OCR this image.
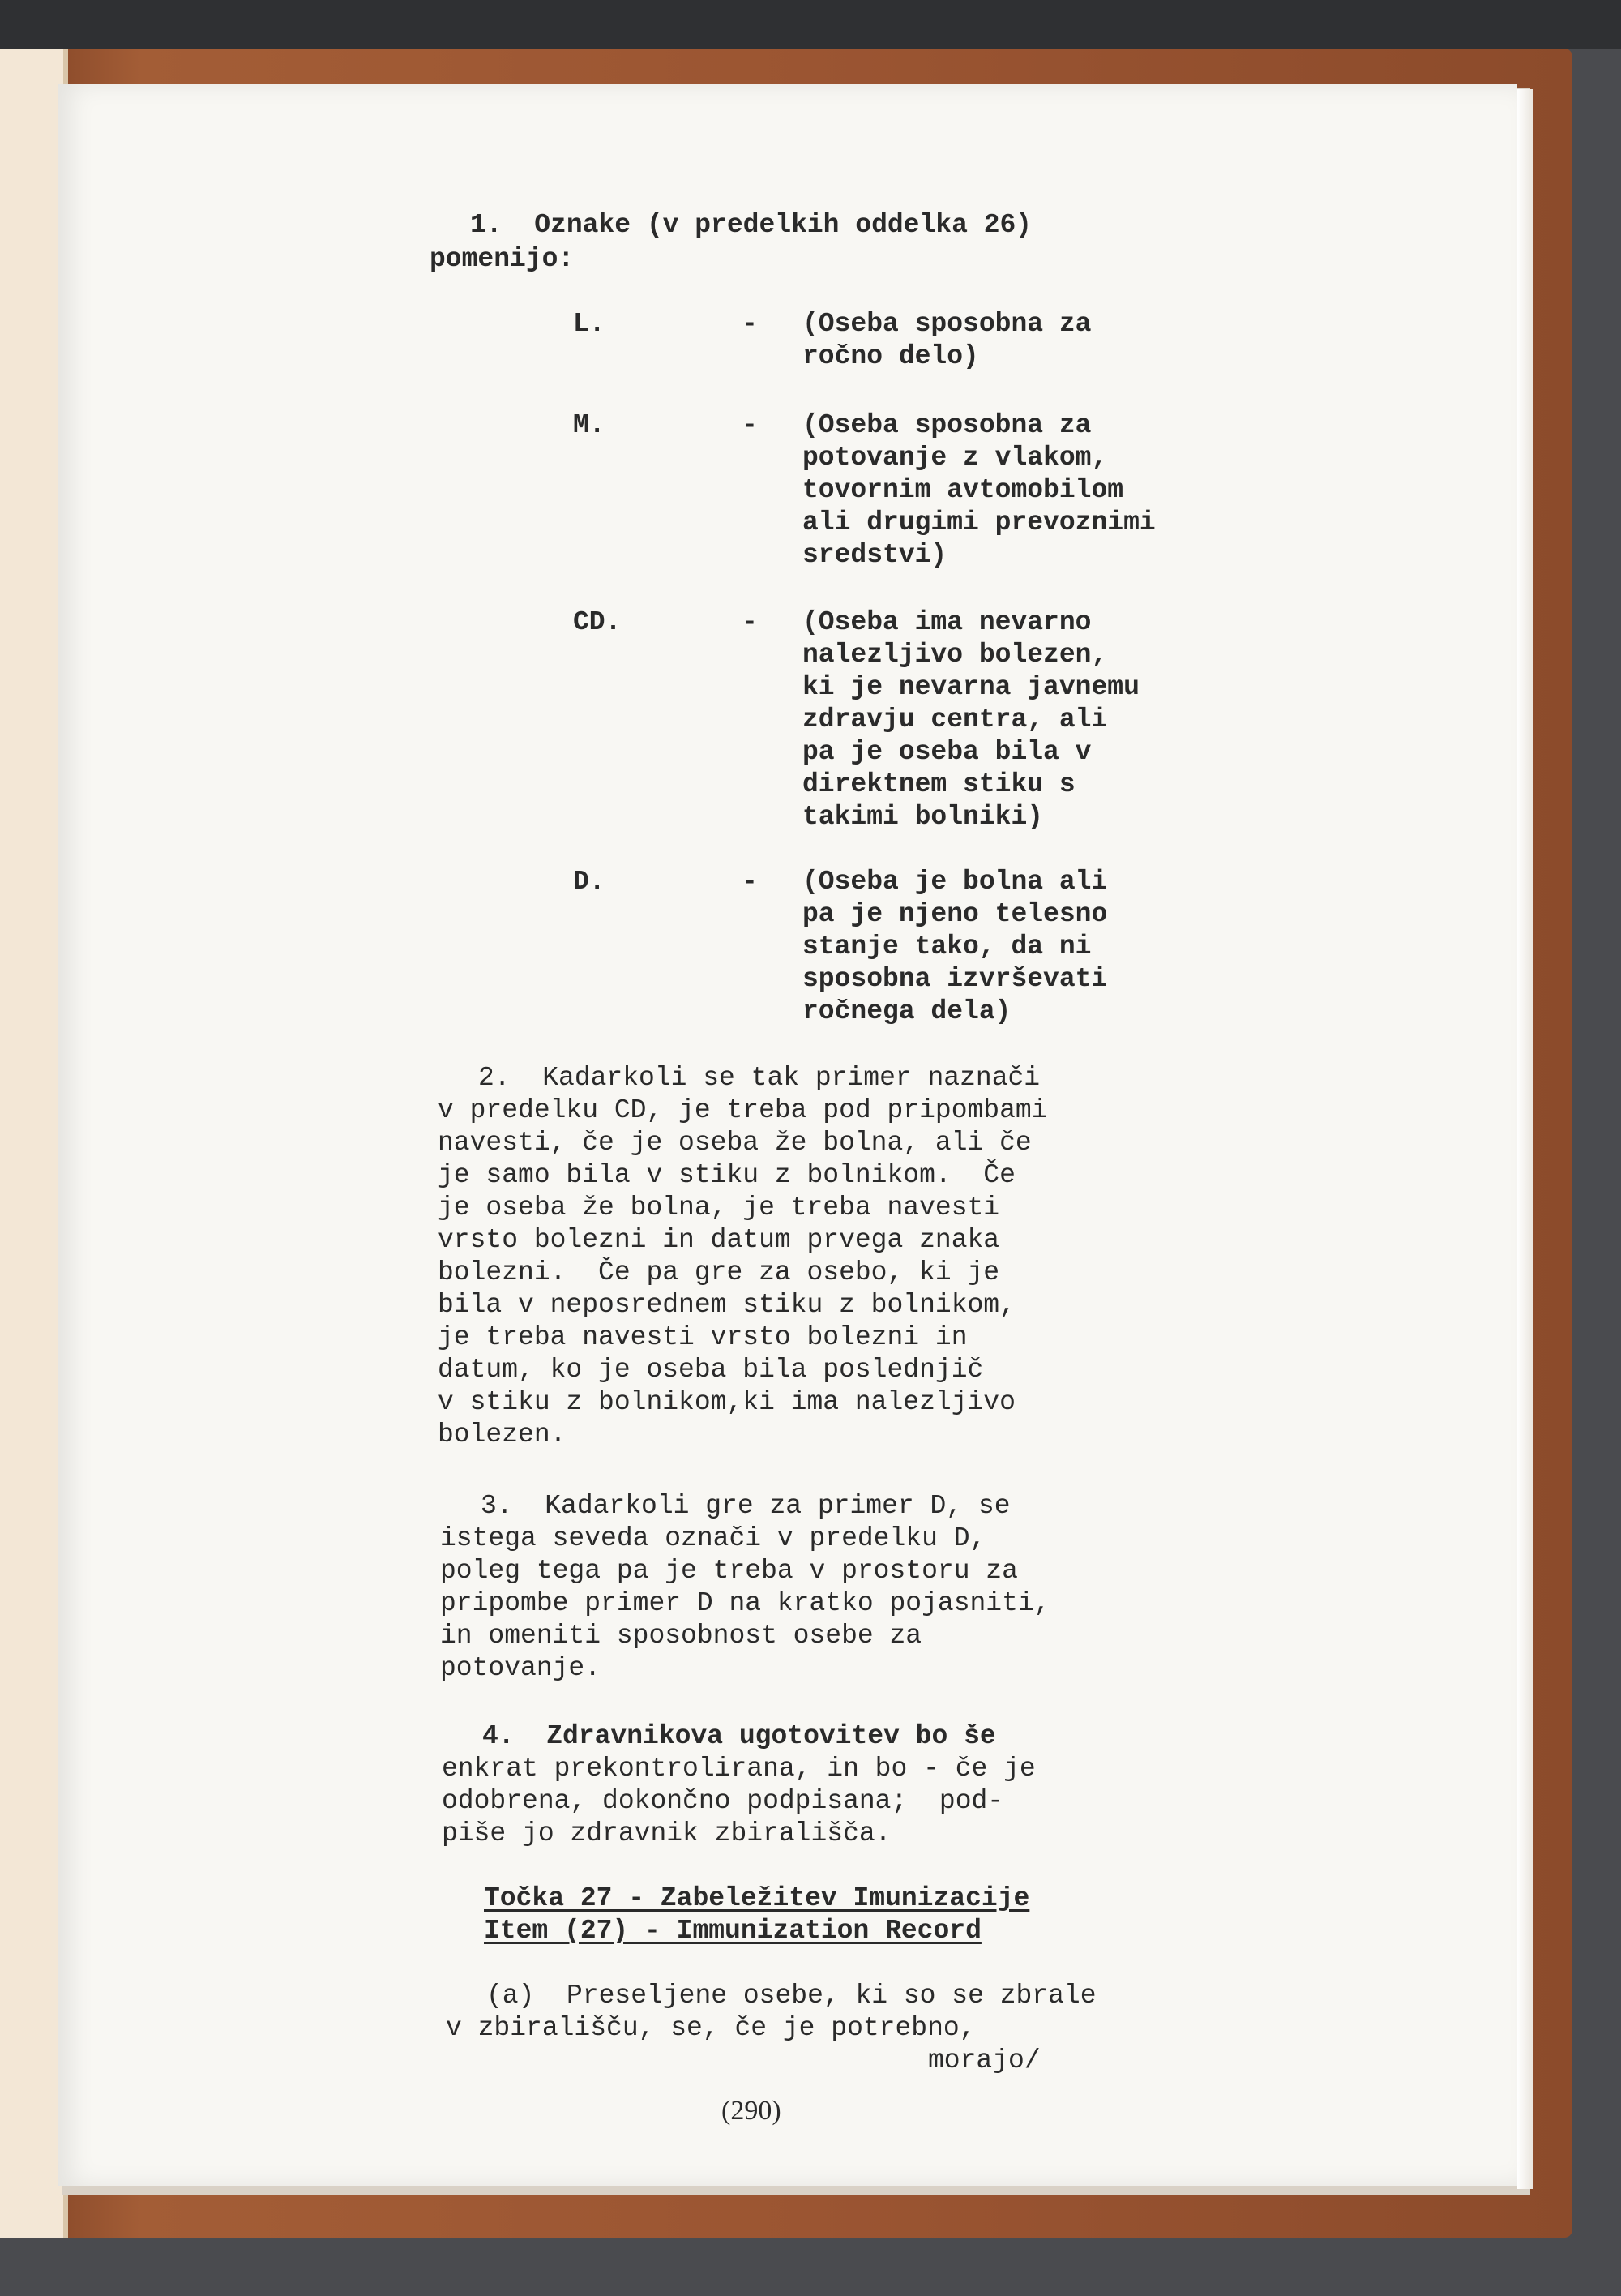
1.  Oznake (v predelkih oddelka 26)
pomenijo:
L.	- (Oseba sposobna za
ročno delo)
M.	- (Oseba sposobna za
potovanje z vlakom,
tovornim avtomobilom
ali drugimi prevoznimi
sredstvi)
CD.	- (Oseba ima nevarno
nalezljivo bolezen,
ki je nevarna javnemu
zdravju centra, ali
pa je oseba bila v
direktnem stiku s
takimi bolniki)
D.	- (Oseba je bolna ali
pa je njeno telesno
stanje tako, da ni
sposobna izvrševati
ročnega dela)
2.  Kadarkoli se tak primer naznači
v predelku CD, je treba pod pripombami
navesti, če je oseba že bolna, ali če
je samo bila v stiku z bolnikom.  Če
je oseba že bolna, je treba navesti
vrsto bolezni in datum prvega znaka
bolezni.  Če pa gre za osebo, ki je
bila v neposrednem stiku z bolnikom,
je treba navesti vrsto bolezni in
datum, ko je oseba bila poslednjič
v stiku z bolnikom,ki ima nalezljivo
bolezen.
3.  Kadarkoli gre za primer D, se
istega seveda označi v predelku D,
poleg tega pa je treba v prostoru za
pripombe primer D na kratko pojasniti,
in omeniti sposobnost osebe za
potovanje.
4.  Zdravnikova ugotovitev bo še
enkrat prekontrolirana, in bo - če je
odobrena, dokončno podpisana;  pod-
piše jo zdravnik zbirališča.
Točka 27 - Zabeležitev Imunizacije
Item (27) - Immunization Record
(a)  Preseljene osebe, ki so se zbrale
v zbirališču, se, če je potrebno,
morajo/
(290)
